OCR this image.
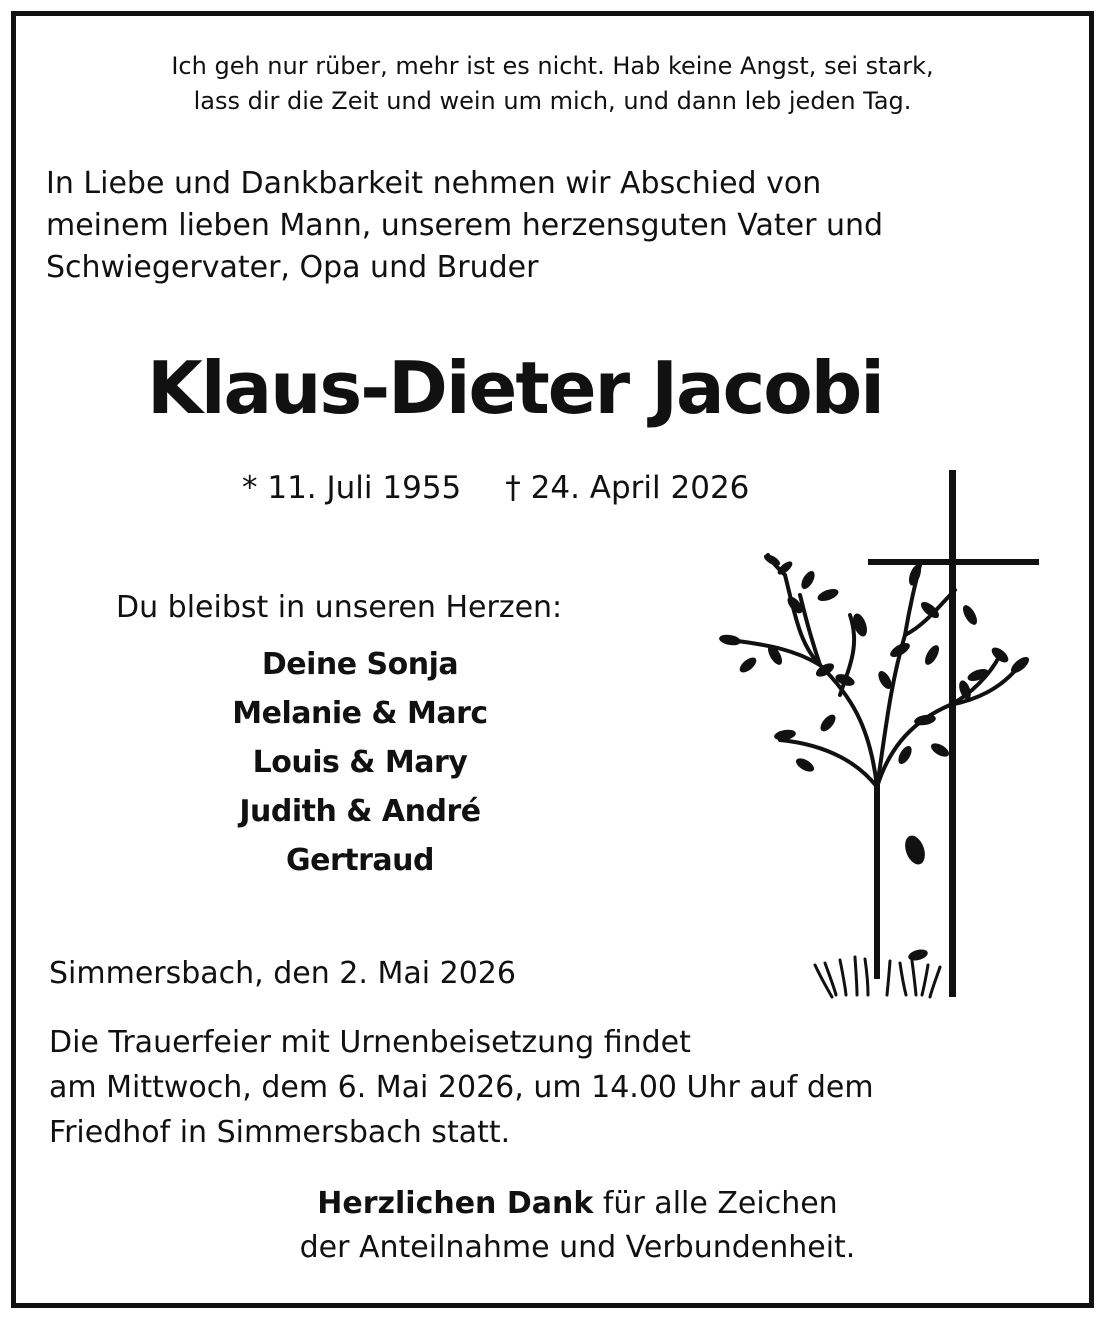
Ich geh nur rüber, mehr ist es nicht. Hab keine Angst, sei stark,
lass dir die Zeit und wein um mich, und dann leb jeden Tag.
In Liebe und Dankbarkeit nehmen wir Abschied von
meinem lieben Mann, unserem herzensguten Vater und
Schwiegervater, Opa und Bruder
Klaus-Dieter Jacobi
* 11. Juli 1955 † 24. April 2026
Du bleibst in unseren Herzen:
Deine Sonja
Melanie & Marc
Louis & Mary
Judith & André
Gertraud
Simmersbach, den 2. Mai 2026
Die Trauerfeier mit Urnenbeisetzung findet
am Mittwoch, dem 6. Mai 2026, um 14.00 Uhr auf dem
Friedhof in Simmersbach statt.
Herzlichen Dank für alle Zeichen
der Anteilnahme und Verbundenheit.
